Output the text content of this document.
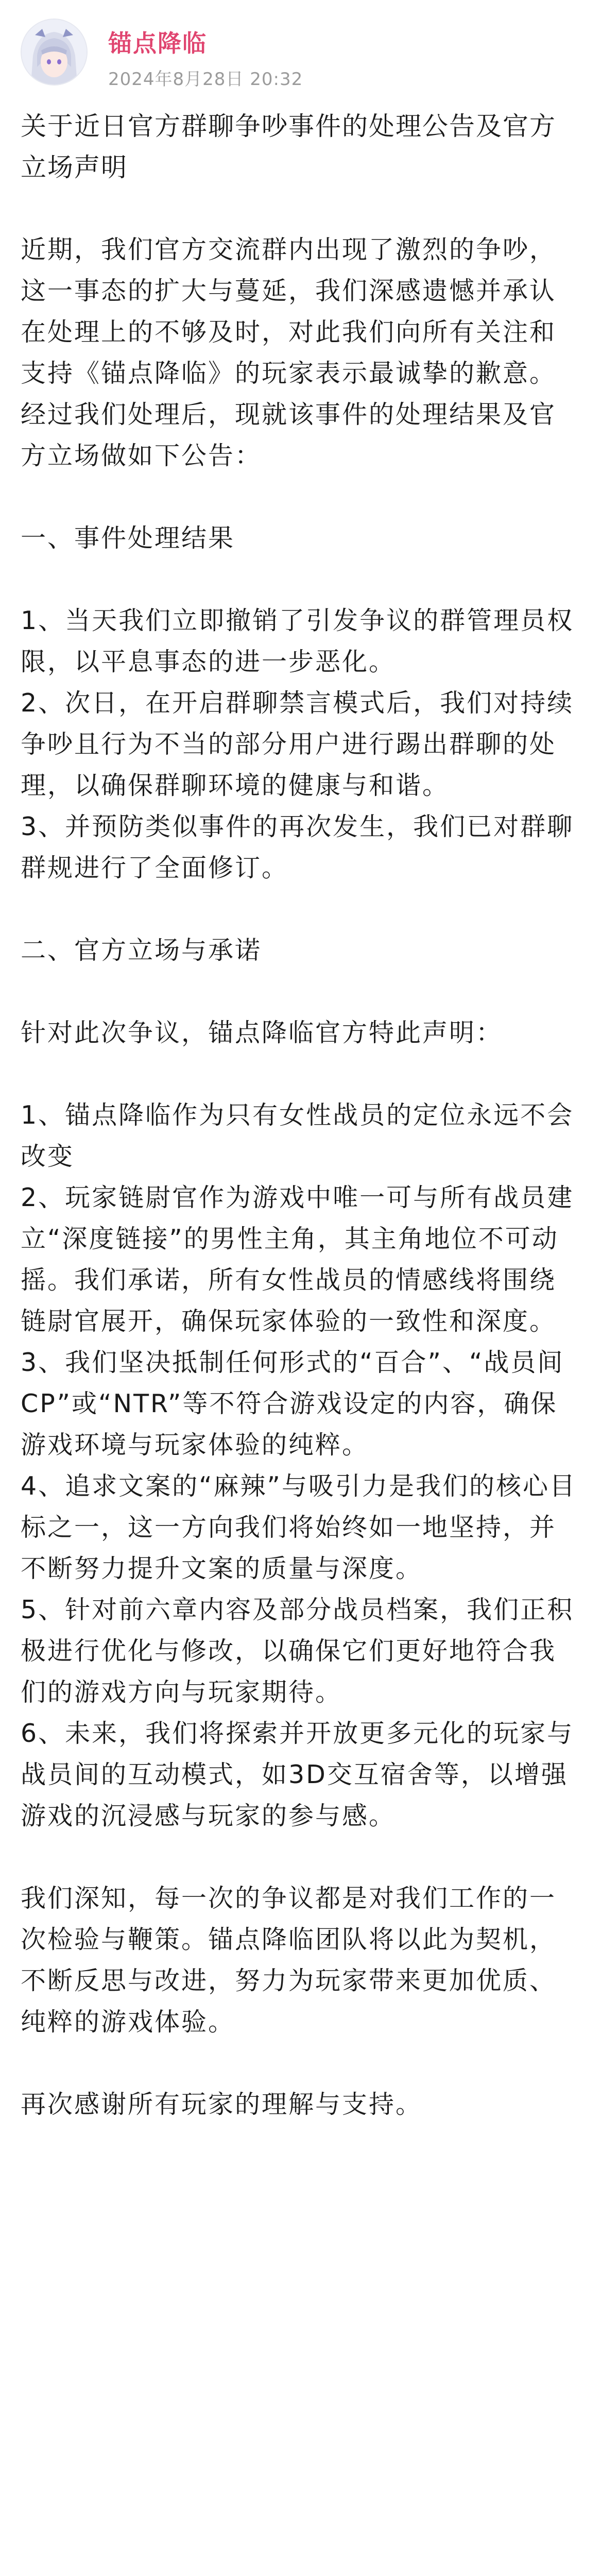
锚点降临
2024年8月28日 20:32
关于近日官方群聊争吵事件的处理公告及官方立场声明

近期，我们官方交流群内出现了激烈的争吵，这一事态的扩大与蔓延，我们深感遗憾并承认在处理上的不够及时，对此我们向所有关注和支持《锚点降临》的玩家表示最诚挚的歉意。经过我们处理后，现就该事件的处理结果及官方立场做如下公告：

一、事件处理结果

1、当天我们立即撤销了引发争议的群管理员权限，以平息事态的进一步恶化。

2、次日，在开启群聊禁言模式后，我们对持续争吵且行为不当的部分用户进行踢出群聊的处理，以确保群聊环境的健康与和谐。

3、并预防类似事件的再次发生，我们已对群聊群规进行了全面修订。

二、官方立场与承诺

针对此次争议，锚点降临官方特此声明：

1、锚点降临作为只有女性战员的定位永远不会改变

2、玩家链尉官作为游戏中唯一可与所有战员建立“深度链接”的男性主角，其主角地位不可动摇。我们承诺，所有女性战员的情感线将围绕链尉官展开，确保玩家体验的一致性和深度。

3、我们坚决抵制任何形式的“百合”、“战员间CP”或“NTR”等不符合游戏设定的内容，确保游戏环境与玩家体验的纯粹。

4、追求文案的“麻辣”与吸引力是我们的核心目标之一，这一方向我们将始终如一地坚持，并不断努力提升文案的质量与深度。

5、针对前六章内容及部分战员档案，我们正积极进行优化与修改，以确保它们更好地符合我们的游戏方向与玩家期待。

6、未来，我们将探索并开放更多元化的玩家与战员间的互动模式，如3D交互宿舍等，以增强游戏的沉浸感与玩家的参与感。

我们深知，每一次的争议都是对我们工作的一次检验与鞭策。锚点降临团队将以此为契机，不断反思与改进，努力为玩家带来更加优质、纯粹的游戏体验。

再次感谢所有玩家的理解与支持。
